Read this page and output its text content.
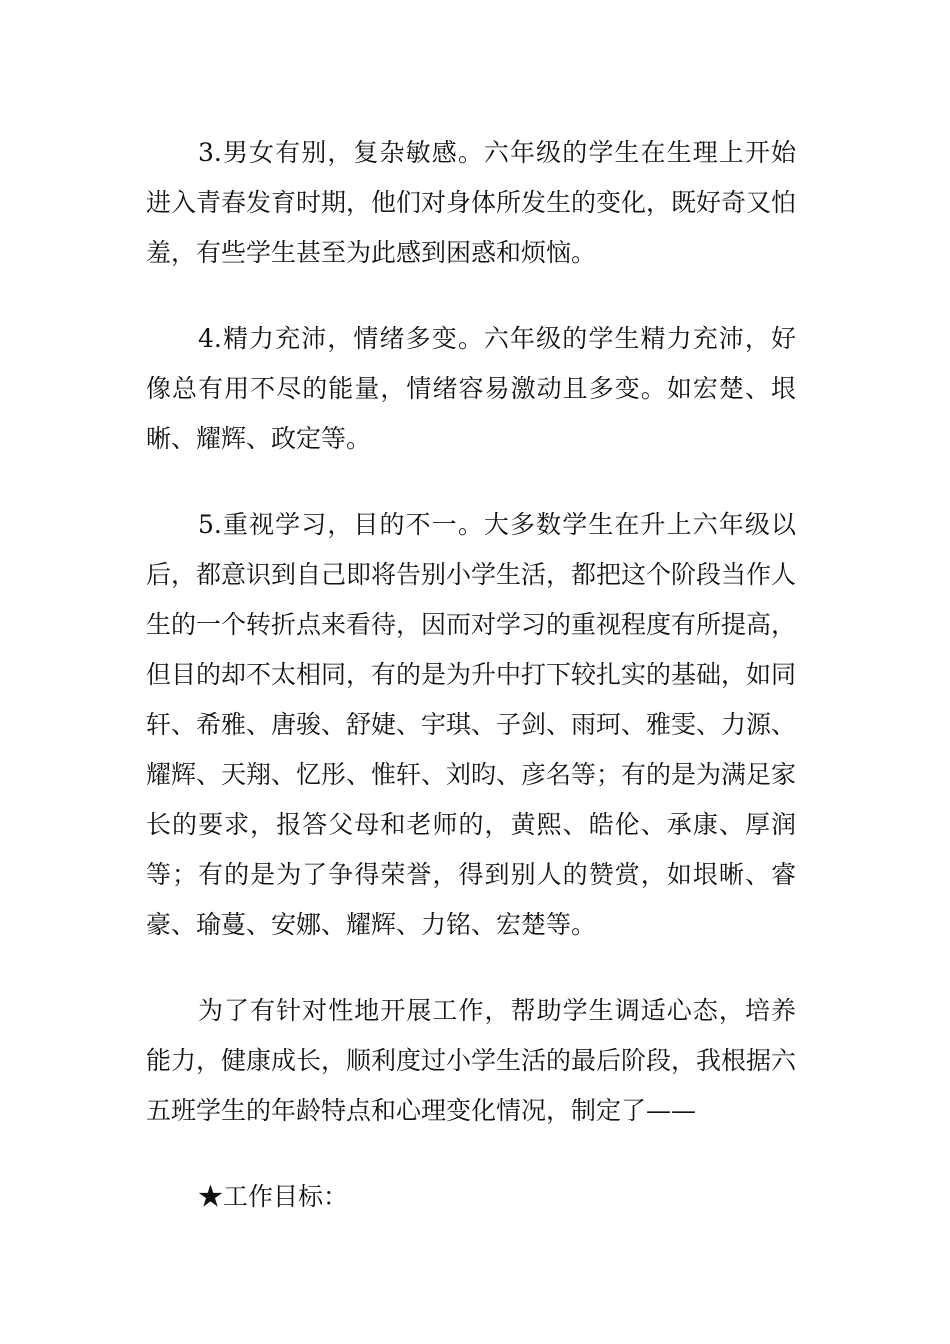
3.男女有别，复杂敏感。六年级的学生在生理上开始进入青春发育时期，他们对身体所发生的变化，既好奇又怕羞，有些学生甚至为此感到困惑和烦恼。

4.精力充沛，情绪多变。六年级的学生精力充沛，好像总有用不尽的能量，情绪容易激动且多变。如宏楚、垠晰、耀辉、政定等。

5.重视学习，目的不一。大多数学生在升上六年级以后，都意识到自己即将告别小学生活，都把这个阶段当作人生的一个转折点来看待，因而对学习的重视程度有所提高，但目的却不太相同，有的是为升中打下较扎实的基础，如同轩、希雅、唐骏、舒婕、宇琪、子剑、雨珂、雅雯、力源、耀辉、天翔、忆彤、惟轩、刘昀、彦名等；有的是为满足家长的要求，报答父母和老师的，黄熙、皓伦、承康、厚润等；有的是为了争得荣誉，得到别人的赞赏，如垠晰、睿豪、瑜蔓、安娜、耀辉、力铭、宏楚等。

为了有针对性地开展工作，帮助学生调适心态，培养能力，健康成长，顺利度过小学生活的最后阶段，我根据六五班学生的年龄特点和心理变化情况，制定了——

★工作目标：
